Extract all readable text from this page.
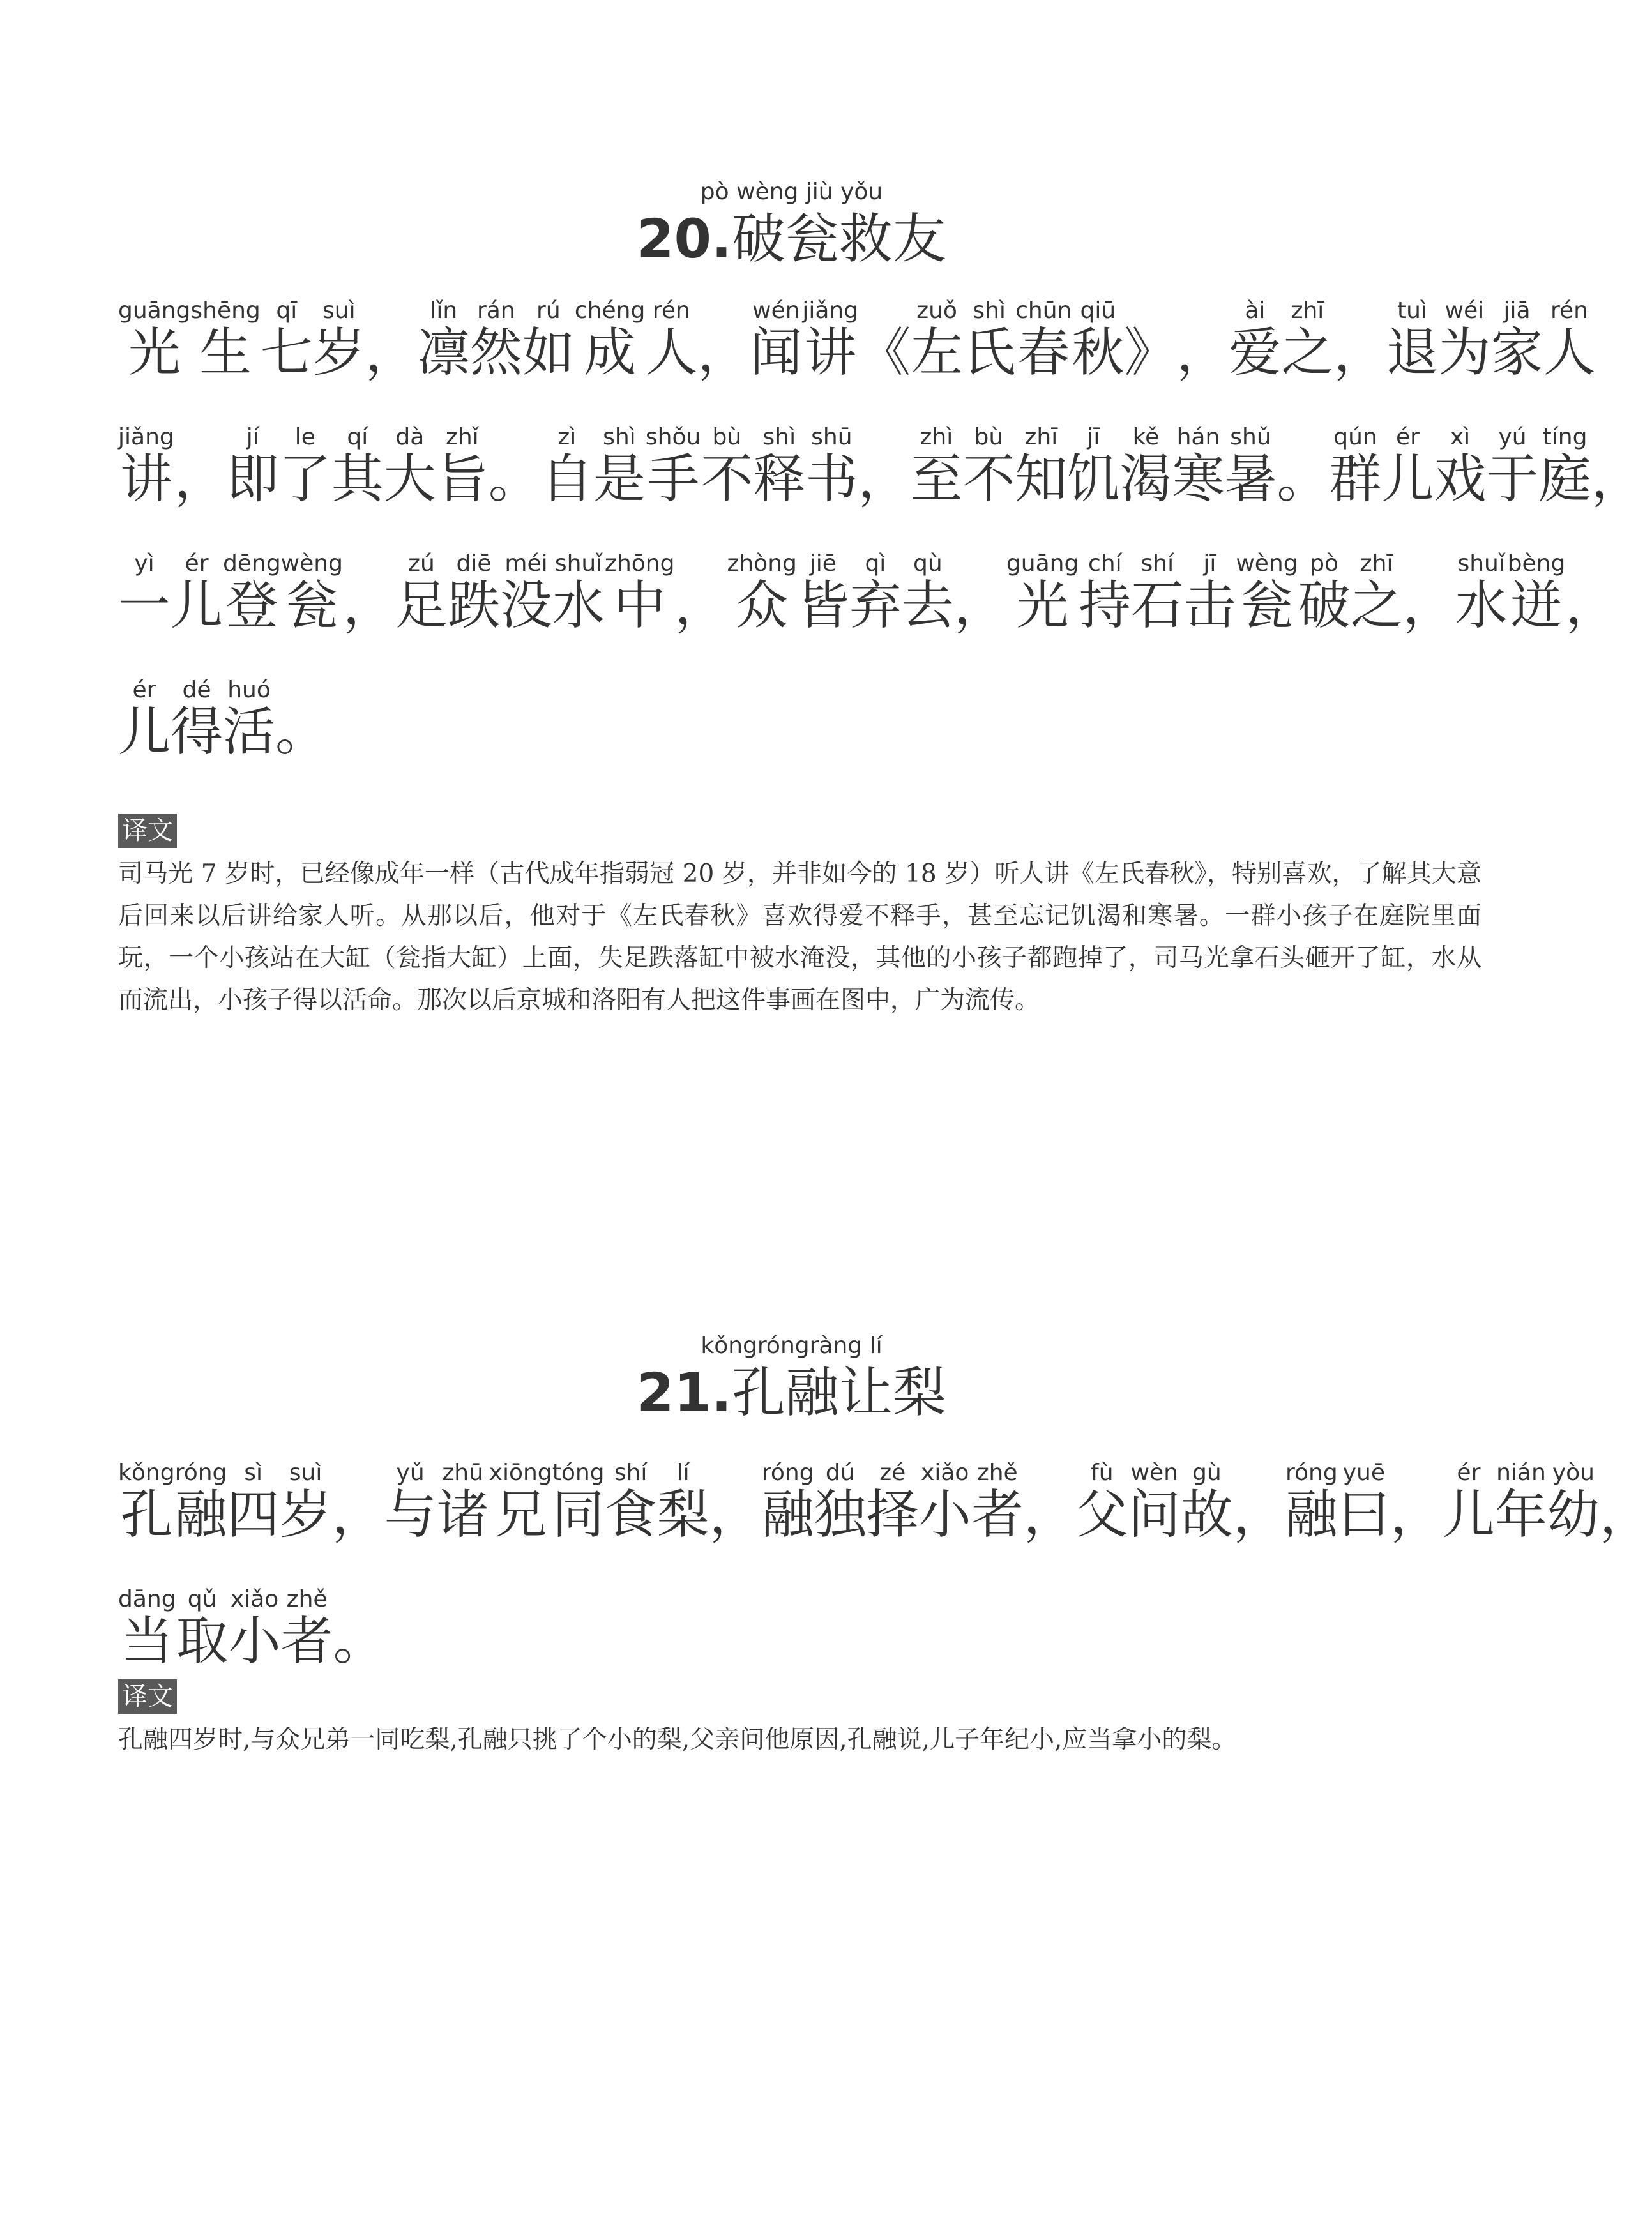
pò wèng jiù yǒu
20.破瓮救友
光guāng生shēng七qī岁suì， 凛lǐn然rán如rú成chéng人rén， 闻wén讲jiǎng《 左zuǒ氏shì春chūn秋qiū》 ， 爱ài之zhī， 退tuì为wéi家jiā人rén
讲jiǎng， 即jí了le其qí大dà旨zhǐ。 自zì是shì手shǒu不bù释shì书shū， 至zhì不bù知zhī饥jī渴kě寒hán暑shǔ。 群qún儿ér戏xì于yú庭tíng，
一yì儿ér登dēng瓮wèng， 足zú跌diē没méi水shuǐ中zhōng， 众zhòng皆jiē弃qì去qù， 光guāng持chí石shí击jī瓮wèng破pò之zhī， 水shuǐ迸bèng，
儿ér得dé活huó。
译文

司马光 7 岁时，已经像成年一样（古代成年指弱冠 20 岁，并非如今的 18 岁）听人讲《左氏春秋》，特别喜欢，了解其大意后回来以后讲给家人听。从那以后，他对于《左氏春秋》喜欢得爱不释手，甚至忘记饥渴和寒暑。一群小孩子在庭院里面玩，一个小孩站在大缸（瓮指大缸）上面，失足跌落缸中被水淹没，其他的小孩子都跑掉了，司马光拿石头砸开了缸，水从而流出，小孩子得以活命。那次以后京城和洛阳有人把这件事画在图中，广为流传。

kǒngróngràng lí
21.孔融让梨
孔kǒng融róng四sì岁suì， 与yǔ诸zhū兄xiōng同tóng食shí梨lí， 融róng独dú择zé小xiǎo者zhě， 父fù问wèn故gù， 融róng曰yuē， 儿ér年nián幼yòu，
当dāng取qǔ小xiǎo者zhě。
译文

孔融四岁时,与众兄弟一同吃梨,孔融只挑了个小的梨,父亲问他原因,孔融说,儿子年纪小,应当拿小的梨。
